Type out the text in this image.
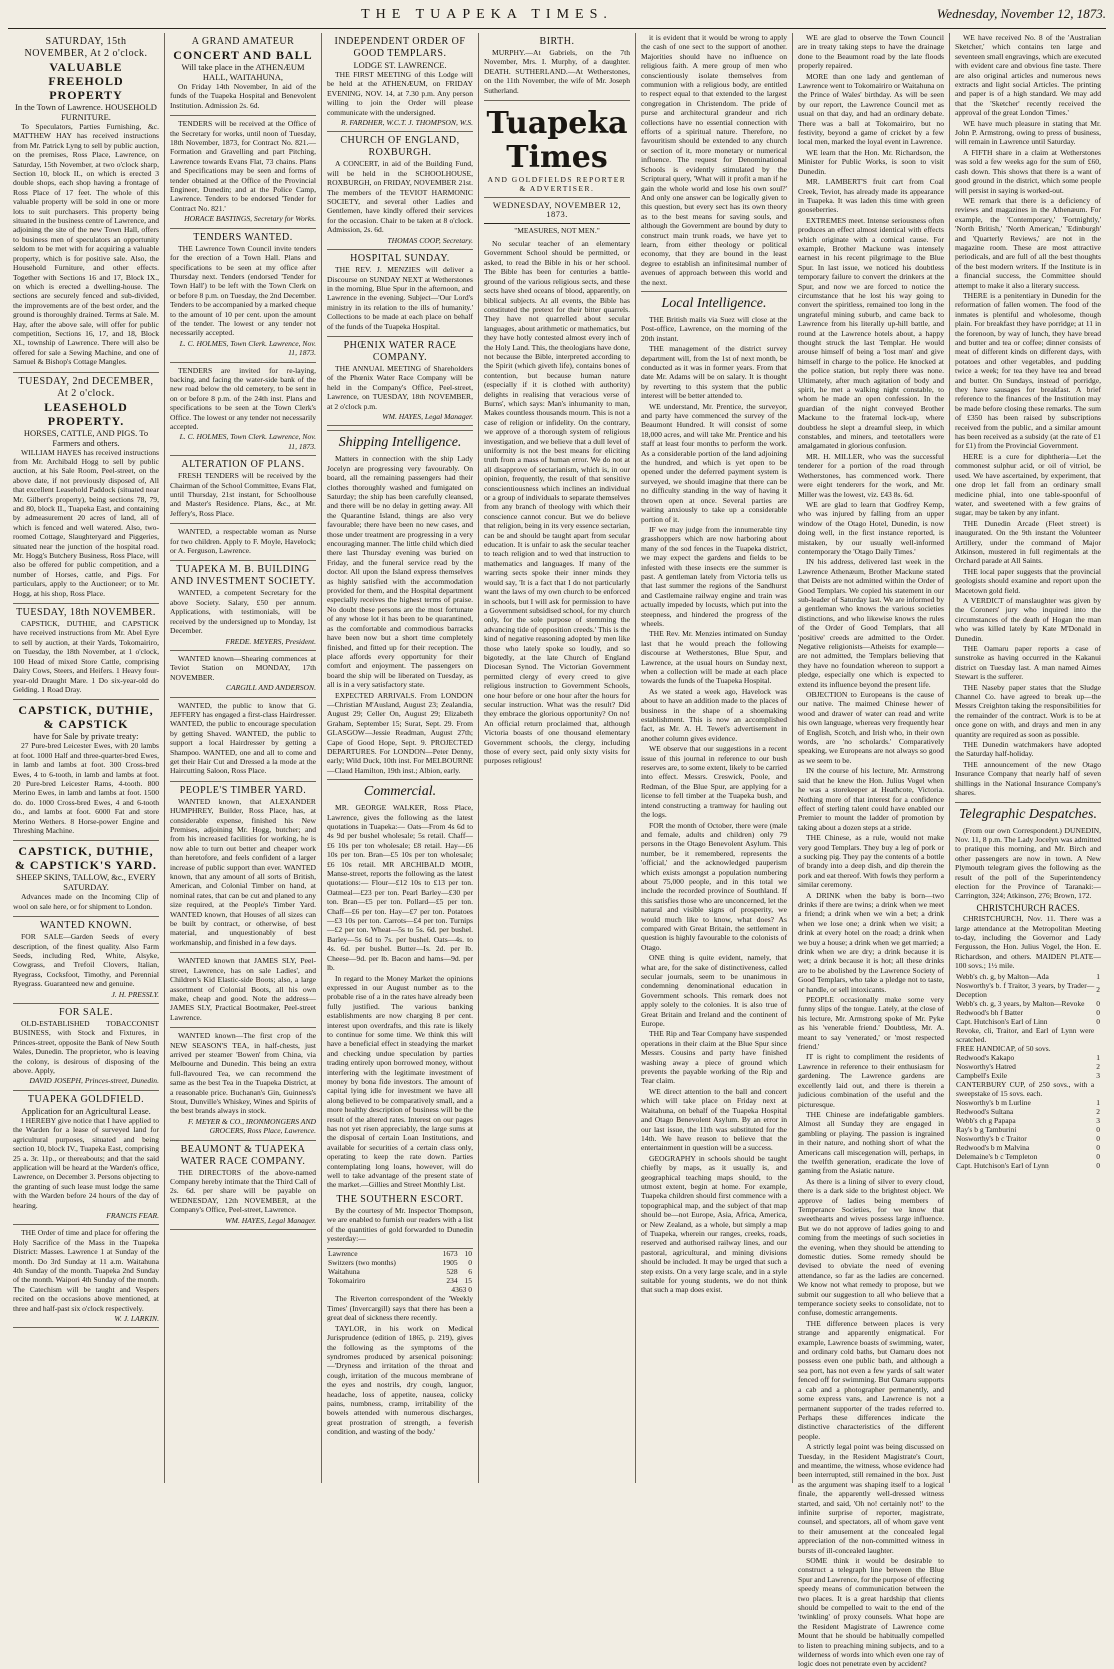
THE TUAPEKA TIMES.	Wednesday, November 12, 1873.
SATURDAY, 15th NOVEMBER, At 2 o'clock.
VALUABLE FREEHOLD PROPERTY
In the Town of Lawrence. HOUSEHOLD FURNITURE.

To Speculators, Parties Furnishing, &c. MATTHEW HAY has received instructions from Mr. Patrick Lyng to sell by public auction, on the premises, Ross Place, Lawrence, on Saturday, 15th November, at two o'clock sharp, Section 10, block II., on which is erected 3 double shops, each shop having a frontage of Ross Place of 17 feet. The whole of this valuable property will be sold in one or more lots to suit purchasers. This property being situated in the business centre of Lawrence, and adjoining the site of the new Town Hall, offers to business men of speculators an opportunity seldom to be met with for acquiring a valuable property, which is for positive sale. Also, the Household Furniture, and other effects. Together with Sections 16 and 17, Block IX., on which is erected a dwelling-house. The sections are securely fenced and sub-divided, the improvements are of the best order, and the ground is thoroughly drained. Terms at Sale. M. Hay, after the above sale, will offer for public competition, Sections 16, 17, and 18, Block XI., township of Lawrence. There will also be offered for sale a Sewing Machine, and one of Samuel & Bishop's Cottage Mangles.

TUESDAY, 2nd DECEMBER, At 2 o'clock.
LEASEHOLD PROPERTY.
HORSES, CATTLE, AND PIGS. To Farmers and others.

WILLIAM HAYES has received instructions from Mr. Archibald Hogg to sell by public auction, at his Sale Room, Peel-street, on the above date, if not previously disposed of, All that excellent Leasehold Paddock (situated near Mr. Gilbert's property), being sections 78, 79, and 80, block II., Tuapeka East, and containing by admeasurement 20 acres of land, all of which is fenced and well watered. Also, two-roomed Cottage, Slaughteryard and Piggeries, situated near the junction of the hospital road. Mr. Hogg's Butchery Business, Ross Place, will also be offered for public competition, and a number of Horses, cattle, and Pigs. For particulars, apply to the Auctioneer; or to Mr. Hogg, at his shop, Ross Place.

TUESDAY, 18th NOVEMBER.

CAPSTICK, DUTHIE, and CAPSTICK have received instructions from Mr. Abel Eyre to sell by auction, at their Yards, Tokomairiro, on Tuesday, the 18th November, at 1 o'clock, 100 Head of mixed Store Cattle, comprising Dairy Cows, Steers, and Heifers. 1 Heavy four-year-old Draught Mare. 1 Do six-year-old do Gelding. 1 Road Dray.

CAPSTICK, DUTHIE, & CAPSTICK
have for Sale by private treaty:

27 Pure-bred Leicester Ewes, with 20 lambs at foot. 1000 Half and three-quarter-bred Ewes, in lamb and lambs at foot. 300 Cross-bred Ewes, 4 to 6-tooth, in lamb and lambs at foot. 20 Pure-bred Leicester Rams, 4-tooth. 800 Merino Ewes, in lamb and lambs at foot. 1500 do. do. 1000 Cross-bred Ewes, 4 and 6-tooth do., and lambs at foot. 6000 Fat and store Merino Wethers. 8 Horse-power Engine and Threshing Machine.

CAPSTICK, DUTHIE, & CAPSTICK'S YARD.
SHEEP SKINS, TALLOW, &c., EVERY SATURDAY.

Advances made on the Incoming Clip of wool on sale here, or for shipment to London.

WANTED KNOWN.

FOR SALE—Garden Seeds of every description, of the finest quality. Also Farm Seeds, including Red, White, Alsyke, Cowgrass, and Trefoil Clovers, Italian, Ryegrass, Cocksfoot, Timothy, and Perennial Ryegrass. Guaranteed new and genuine.

J. H. PRESSLY.
FOR SALE.

OLD-ESTABLISHED TOBACCONIST BUSINESS, with Stock and Fixtures, in Princes-street, opposite the Bank of New South Wales, Dunedin. The proprietor, who is leaving the colony, is desirous of disposing of the above. Apply,

DAVID JOSEPH, Princes-street, Dunedin.
TUAPEKA GOLDFIELD.
Application for an Agricultural Lease.

I HEREBY give notice that I have applied to the Warden for a lease of surveyed land for agricultural purposes, situated and being section 10, block IV., Tuapeka East, comprising 25 a. 3r. 11p., or thereabouts; and that the said application will be heard at the Warden's office, Lawrence, on December 3. Persons objecting to the granting of such lease must lodge the same with the Warden before 24 hours of the day of hearing.

FRANCIS FEAR.

THE Order of time and place for offering the Holy Sacrifice of the Mass in the Tuapeka District: Masses. Lawrence 1 at Sunday of the month. Do 3rd Sunday at 11 a.m. Waitahuna 4th Sunday of the month. Tuapeka 2nd Sunday of the month. Waipori 4th Sunday of the month. The Catechism will be taught and Vespers recited on the occasions above mentioned, at three and half-past six o'clock respectively.

W. J. LARKIN.
A GRAND AMATEUR
CONCERT AND BALL
Will take place in the ATHENÆUM HALL, WAITAHUNA,

On Friday 14th November, In aid of the funds of the Tuapeka Hospital and Benevolent Institution. Admission 2s. 6d.

TENDERS will be received at the Office of the Secretary for works, until noon of Tuesday, 18th November, 1873, for Contract No. 821.—Formation and Gravelling and part Pitching, Lawrence towards Evans Flat, 73 chains. Plans and Specifications may be seen and forms of tender obtained at the Office of the Provincial Engineer, Dunedin; and at the Police Camp, Lawrence. Tenders to be endorsed 'Tender for Contract No. 821.'

HORACE BASTINGS, Secretary for Works.
TENDERS WANTED.

THE Lawrence Town Council invite tenders for the erection of a Town Hall. Plans and specifications to be seen at my office after Thursday next. Tenders (endorsed 'Tender for Town Hall') to be left with the Town Clerk on or before 8 p.m. on Tuesday, the 2nd December. Tenders to be accompanied by a marked cheque to the amount of 10 per cent. upon the amount of the tender. The lowest or any tender not necessarily accepted.

L. C. HOLMES, Town Clerk. Lawrence, Nov. 11, 1873.

TENDERS are invited for re-laying, backing, and facing the water-side bank of the new road below the old cemetery, to be sent in on or before 8 p.m. of the 24th inst. Plans and specifications to be seen at the Town Clerk's Office. The lowest or any tender not necessarily accepted.

L. C. HOLMES, Town Clerk. Lawrence, Nov. 11, 1873.
ALTERATION OF PLANS.

FRESH TENDERS will be received by the Chairman of the School Committee, Evans Flat, until Thursday, 21st instant, for Schoolhouse and Master's Residence. Plans, &c., at Mr. Jeffery's, Ross Place.

WANTED, a respectable woman as Nurse for two children. Apply to F. Moyle, Havelock; or A. Ferguson, Lawrence.

TUAPEKA M. B. BUILDING AND INVESTMENT SOCIETY.

WANTED, a competent Secretary for the above Society. Salary, £50 per annum. Applications, with testimonials, will be received by the undersigned up to Monday, 1st December.

FREDE. MEYERS, President.

WANTED known—Shearing commences at Teviot Station on MONDAY, 17th NOVEMBER.

CARGILL AND ANDERSON.

WANTED, the public to know that G. JEFFERY has engaged a first-class Hairdresser. WANTED, the public to encourage speculation by getting Shaved. WANTED, the public to support a local Hairdresser by getting a Shampoo. WANTED, one and all to come and get their Hair Cut and Dressed a la mode at the Haircutting Saloon, Ross Place.

PEOPLE'S TIMBER YARD.

WANTED known, that ALEXANDER HUMPHREY, Builder, Ross Place, has, at considerable expense, finished his New Premises, adjoining Mr. Hogg, butcher; and from his increased facilities for working, he is now able to turn out better and cheaper work than heretofore, and feels confident of a larger increase of public support than ever. WANTED known, that any amount of all sorts of British, American, and Colonial Timber on hand, at nominal rates, that can be cut and planed to any size required, at the People's Timber Yard. WANTED known, that Houses of all sizes can be built by contract, or otherwise, of best material, and unquestionably of best workmanship, and finished in a few days.

WANTED known that JAMES SLY, Peel-street, Lawrence, has on sale Ladies', and Children's Kid Elastic-side Boots; also, a large assortment of Colonial Boots, all his own make, cheap and good. Note the address—JAMES SLY, Practical Bootmaker, Peel-street Lawrence.

WANTED known—The first crop of the NEW SEASON'S TEA, in half-chests, just arrived per steamer 'Bowen' from China, via Melbourne and Dunedin. This being an extra full-flavoured Tea, we can recommend the same as the best Tea in the Tuapeka District, at a reasonable price. Buchanan's Gin, Guinness's Stout, Dunville's Whiskey, Wines and Spirits of the best brands always in stock.

F. MEYER & CO., IRONMONGERS AND GROCERS, Ross Place, Lawrence.
BEAUMONT & TUAPEKA WATER RACE COMPANY.

THE DIRECTORS of the above-named Company hereby intimate that the Third Call of 2s. 6d. per share will be payable on WEDNESDAY, 12th NOVEMBER, at the Company's Office, Peel-street, Lawrence.

WM. HAYES, Legal Manager.
INDEPENDENT ORDER OF GOOD TEMPLARS.
LODGE ST. LAWRENCE.

THE FIRST MEETING of this Lodge will be held at the ATHENÆUM, on FRIDAY EVENING, NOV. 14, at 7.30 p.m. Any person willing to join the Order will please communicate with the undersigned.

R. FARDHER, W.C.T. J. THOMPSON, W.S.
CHURCH OF ENGLAND, ROXBURGH.

A CONCERT, in aid of the Building Fund, will be held in the SCHOOLHOUSE, ROXBURGH, on FRIDAY, NOVEMBER 21st. The members of the TEVIOT HARMONIC SOCIETY, and several other Ladies and Gentlemen, have kindly offered their services for the occasion. Chair to be taken at 8 o'clock. Admission, 2s. 6d.

THOMAS COOP, Secretary.
HOSPITAL SUNDAY.

THE REV. J. MENZIES will deliver a Discourse on SUNDAY NEXT at Wetherstones in the morning, Blue Spur in the afternoon, and Lawrence in the evening. Subject—'Our Lord's ministry in its relation to the ills of humanity.' Collections to be made at each place on behalf of the funds of the Tuapeka Hospital.

PHŒNIX WATER RACE COMPANY.

THE ANNUAL MEETING of Shareholders of the Phœnix Water Race Company will be held in the Company's Office, Peel-street, Lawrence, on TUESDAY, 18th NOVEMBER, at 2 o'clock p.m.

WM. HAYES, Legal Manager.
Shipping Intelligence.

Matters in connection with the ship Lady Jocelyn are progressing very favourably. On board, all the remaining passengers had their clothes thoroughly washed and fumigated on Saturday; the ship has been carefully cleansed, and there will be no delay in getting away. All the Quarantine Island, things are also very favourable; there have been no new cases, and those under treatment are progressing in a very encouraging manner. The little child which died there last Thursday evening was buried on Friday, and the funeral service read by the doctor. All upon the Island express themselves as highly satisfied with the accommodation provided for them, and the Hospital department especially receives the highest terms of praise. No doubt these persons are the most fortunate of any whose lot it has been to be quarantined, as the comfortable and commodious barracks have been now but a short time completely finished, and fitted up for their reception. The place affords every opportunity for their comfort and enjoyment. The passengers on board the ship will be liberated on Tuesday, as all is in a very satisfactory state.

EXPECTED ARRIVALS. From LONDON—Christian M'Ausland, August 23; Zealandia, August 29; Celler On, August 29; Elizabeth Graham, September 15; Surat, Sept. 29. From GLASGOW—Jessie Readman, August 27th; Cape of Good Hope, Sept. 9. PROJECTED DEPARTURES. For LONDON—Peter Denny, early; Wild Duck, 10th inst. For MELBOURNE—Claud Hamilton, 19th inst.; Albion, early.

Commercial.

MR. GEORGE WALKER, Ross Place, Lawrence, gives the following as the latest quotations in Tuapeka:— Oats—From 4s 6d to 4s 9d per bushel wholesale; 5s retail. Chaff—£6 10s per ton wholesale; £8 retail. Hay—£6 10s per ton. Bran—£5 10s per ton wholesale; £6 10s retail. MR ARCHIBALD MOIR, Manse-street, reports the following as the latest quotations:— Flour—£12 10s to £13 per ton. Oatmeal—£23 per ton. Pearl Barley—£30 per ton. Bran—£5 per ton. Pollard—£5 per ton. Chaff—£6 per ton. Hay—£7 per ton. Potatoes—£3 10s per ton. Carrots—£4 per ton. Turnips—£2 per ton. Wheat—5s to 5s. 6d. per bushel. Barley—5s 6d to 7s. per bushel. Oats—4s. to 4s. 6d. per bushel. Butter—Is. 2d. per lb. Cheese—9d. per lb. Bacon and hams—9d. per lb.

In regard to the Money Market the opinions expressed in our August number as to the probable rise of a in the rates have already been fully justified. The various banking establishments are now charging 8 per cent. interest upon overdrafts, and this rate is likely to continue for some time. We think this will have a beneficial effect in steadying the market and checking undue speculation by parties trading entirely upon borrowed money, without interfering with the legitimate investment of money by bona fide investors. The amount of capital lying idle for investment we have all along believed to be comparatively small, and a more healthy description of business will be the result of the altered rates. Interest on our pages has not yet risen appreciably, the large sums at the disposal of certain Loan Institutions, and available for securities of a certain class only, operating to keep the rate down. Parties contemplating long loans, however, will do well to take advantage of the present state of the market.—Gillies and Street Monthly List.

THE SOUTHERN ESCORT.

By the courtesy of Mr. Inspector Thompson, we are enabled to furnish our readers with a list of the quantities of gold forwarded to Dunedin yesterday:—

Lawrence	1673	10
Switzers (two months)	1905	0
Waitahuna	528	6
Tokomairiro	234	15
	4363 0	

The Riverton correspondent of the 'Weekly Times' (Invercargill) says that there has been a great deal of sickness there recently.

TAYLOR, in his work on Medical Jurisprudence (edition of 1865, p. 219), gives the following as the symptoms of the syndromes produced by arsenical poisoning:—'Dryness and irritation of the throat and cough, irritation of the mucous membrane of the eyes and nostrils, dry cough, languor, headache, loss of appetite, nausea, colicky pains, numbness, cramp, irritability of the bowels attended with numerous discharges, great prostration of strength, a feverish condition, and wasting of the body.'

BIRTH.

MURPHY.—At Gabriels, on the 7th November, Mrs. I. Murphy, of a daughter. DEATH. SUTHERLAND.—At Wetherstones, on the 11th November, the wife of Mr. Joseph Sutherland.

Tuapeka Times
AND GOLDFIELDS REPORTER & ADVERTISER.
WEDNESDAY, NOVEMBER 12, 1873.
"MEASURES, NOT MEN."

No secular teacher of an elementary Government School should be permitted, or asked, to read the Bible in his or her school. The Bible has been for centuries a battle-ground of the various religious sects, and these sects have shed oceans of blood, apparently, on biblical subjects. At all events, the Bible has constituted the pretext for their bitter quarrels. They have not quarrelled about secular languages, about arithmetic or mathematics, but they have hotly contested almost every inch of the Holy Land. This, the theologians have done, not because the Bible, interpreted according to the Spirit (which giveth life), contains bones of contention, but because human nature (especially if it is clothed with authority) delights in realising that veracious verse of Burns', which says: Man's inhumanity to man, Makes countless thousands mourn. This is not a case of religion or infidelity. On the contrary, we approve of a thorough system of religious investigation, and we believe that a dull level of uniformity is not the best means for eliciting truth from a mass of human error. We do not at all disapprove of sectarianism, which is, in our opinion, frequently, the result of that sensitive conscientiousness which inclines an individual or a group of individuals to separate themselves from any branch of theology with which their conscience cannot concur. But we do believe that religion, being in its very essence sectarian, can be and should be taught apart from secular education. It is unfair to ask the secular teacher to teach religion and to wed that instruction to mathematics and languages. If many of the warring sects spoke their inner minds they would say, 'It is a fact that I do not particularly want the laws of my own church to be enforced in schools, but I will ask for permission to have a Government subsidised school, for my church only, for the sole purpose of stemming the advancing tide of opposition creeds.' This is the kind of negative reasoning adopted by men like those who lately spoke so loudly, and so bigotedly, at the late Church of England Diocesan Synod. The Victorian Government permitted clergy of every creed to give religious instruction to Government Schools, one hour before or one hour after the hours for secular instruction. What was the result? Did they embrace the glorious opportunity? On no! An official return proclaimed that, although Victoria boasts of one thousand elementary Government schools, the clergy, including those of every sect, paid only sixty visits for purposes religious!

it is evident that it would be wrong to apply the cash of one sect to the support of another. Majorities should have no influence on religious faith. A mere group of men who conscientiously isolate themselves from communion with a religious body, are entitled to respect equal to that extended to the largest congregation in Christendom. The pride of purse and architectural grandeur and rich collections have no essential connection with efforts of a spiritual nature. Therefore, no favouritism should be extended to any church or section of it, more monetary or numerical influence. The request for Denominational Schools is evidently stimulated by the Scriptural query, 'What will it profit a man if he gain the whole world and lose his own soul?' And only one answer can be logically given to this question, but every sect has its own theory as to the best means for saving souls, and although the Government are bound by duty to construct main trunk roads, we have yet to learn, from either theology or political economy, that they are bound in the least degree to establish an infinitesimal number of avenues of approach between this world and the next.

Local Intelligence.

THE British mails via Suez will close at the Post-office, Lawrence, on the morning of the 20th instant.

THE management of the district survey department will, from the 1st of next month, be conducted as it was in former years. From that date Mr. Adams will be on salary. It is thought by reverting to this system that the public interest will be better attended to.

WE understand, Mr. Prentice, the surveyor, and party have commenced the survey of the Beaumont Hundred. It will consist of some 18,000 acres, and will take Mr. Prentice and his staff at least four months to perform the work. As a considerable portion of the land adjoining the hundred, and which is yet open to be opened under the deferred payment system is surveyed, we should imagine that there can be no difficulty standing in the way of having it thrown open at once. Several parties are waiting anxiously to take up a considerable portion of it.

IF we may judge from the innumerable tiny grasshoppers which are now harboring about many of the sod fences in the Tuapeka district, we may expect the gardens and fields to be infested with these insects ere the summer is past. A gentleman lately from Victoria tells us that last summer the regions of the Sandhurst and Castlemaine railway engine and train was actually impeded by locusts, which put into the steepness, and hindered the progress of the wheels.

THE Rev. Mr. Menzies intimated on Sunday last that he would preach the following discourse at Wetherstones, Blue Spur, and Lawrence, at the usual hours on Sunday next, when a collection will be made at each place towards the funds of the Tuapeka Hospital.

As we stated a week ago, Havelock was about to have an addition made to the places of business in the shape of a shoemaking establishment. This is now an accomplished fact, as Mr. A. H. Tewet's advertisement in another column gives evidence.

WE observe that our suggestions in a recent issue of this journal in reference to our bush reserves are, to some extent, likely to be carried into effect. Messrs. Creswick, Poole, and Redman, of the Blue Spur, are applying for a license to fell timber at the Tuapeka bush, and intend constructing a tramway for hauling out the logs.

FOR the month of October, there were (male and female, adults and children) only 79 persons in the Otago Benevolent Asylum. This number, be it remembered, represents the 'official,' and the acknowledged pauperism which exists amongst a population numbering about 75,000 people, and in this total we include the recorded province of Southland. If this satisfies those who are unconcerned, let the natural and visible signs of prosperity, we would much like to know, what does? As compared with Great Britain, the settlement in question is highly favourable to the colonists of Otago.

ONE thing is quite evident, namely, that what are, for the sake of distinctiveness, called secular journals, seem to be unanimous in condemning denominational education in Government schools. This remark does not apply solely to the colonies. It is also true of Great Britain and Ireland and the continent of Europe.

THE Rip and Tear Company have suspended operations in their claim at the Blue Spur since Messrs. Cousins and party have finished washing away a piece of ground which prevents the payable working of the Rip and Tear claim.

WE direct attention to the ball and concert which will take place on Friday next at Waitahuna, on behalf of the Tuapeka Hospital and Otago Benevolent Asylum. By an error in our last issue, the 11th was substituted for the 14th. We have reason to believe that the entertainment in question will be a success.

GEOGRAPHY in schools should be taught chiefly by maps, as it usually is, and geographical teaching maps should, to the utmost extent, begin at home. For example, Tuapeka children should first commence with a topographical map, and the subject of that map should be—not Europe, Asia, Africa, America, or New Zealand, as a whole, but simply a map of Tuapeka, wherein our ranges, creeks, roads, reserved and authorised railway lines, and our pastoral, agricultural, and mining divisions should be included. It may be urged that such a step exists. On a very large scale, and in a style suitable for young students, we do not think that such a map does exist.

WE are glad to observe the Town Council are in treaty taking steps to have the drainage done to the Beaumont road by the late floods properly repaired.

MORE than one lady and gentleman of Lawrence went to Tokomairiro or Waitahuna on the Prince of Wales' birthday. As will be seen by our report, the Lawrence Council met as usual on that day, and had an ordinary debate. There was a ball at Tokomairiro, but no festivity, beyond a game of cricket by a few local men, marked the loyal event in Lawrence.

WE learn that the Hon. Mr. Richardson, the Minister for Public Works, is soon to visit Dunedin.

MR. LAMBERT'S fruit cart from Coal Creek, Teviot, has already made its appearance in Tuapeka. It was laden this time with green gooseberries.

EXTREMES meet. Intense seriousness often produces an effect almost identical with effects which originate with a comical cause. For example, Brother Mackune was intensely earnest in his recent pilgrimage to the Blue Spur. In last issue, we noticed his doubtless temporary failure to convert the drinkers at the Spur, and now we are forced to notice the circumstance that he lost his way going to convert the spiritless, remained too long in the ungrateful mining suburb, and came back to Lawrence from his literally up-hill battle, and round at the Lawrence hotels about, a happy thought struck the last Templar. He would arouse himself of being a 'lost man' and give himself in charge to the police. He knocked at the police station, but reply there was none. Ultimately, after much agitation of body and spirit, he met a walking night constable, to whom he made an open confession. In the guardian of the night conveyed Brother Mackune to the fraternal lock-up, where doubtless he slept a dreamful sleep, in which constables, and miners, and teetotallers were amalgamated in glorious confusion.

MR. H. MILLER, who was the successful tenderer for a portion of the road through Wetherstones, has commenced work. There were eight tenderers for the work, and Mr. Miller was the lowest, viz. £43 8s. 6d.

WE are glad to learn that Godfrey Kemp, who was injured by falling from an upper window of the Otago Hotel, Dunedin, is now doing well, in the first instance reported, is mistaken, by our usually well-informed contemporary the 'Otago Daily Times.'

IN his address, delivered last week in the Lawrence Athenæum, Brother Mackune stated that Deists are not admitted within the Order of Good Templars. We copied his statement in our sub-leader of Saturday last. We are informed by a gentleman who knows the various societies distinctions, and who likewise knows the rules of the Order of Good Templars, that all 'positive' creeds are admitted to the Order. Negative religionists—Atheists for example—are not admitted, the Templars believing that they have no foundation whereon to support a pledge, especially one which is expected to extend its influence beyond the present life.

OBJECTION to Europeans is the cause of our native. The maimed Chinese hewer of wood and drawer of water can read and write his own language, whereas very frequently hear of English, Scotch, and Irish who, in their own words, are 'no scholards.' Comparatively speaking, we Europeans are not always so good as we seem to be.

IN the course of his lecture, Mr. Armstrong said that he knew the Hon. Julius Vogel when he was a storekeeper at Heathcote, Victoria. Nothing more of that interest for a confidence effect of sterling talent could have enabled our Premier to mount the ladder of promotion by taking about a dozen steps at a stride.

THE Chinese, as a rule, would not make very good Templars. They buy a leg of pork or a sucking pig. They pay the contents of a bottle of brandy into a deep dish, and dip therein the pork and eat thereof. With fowls they perform a similar ceremony.

A DRINK when the baby is born—two drinks if there are twins; a drink when we meet a friend; a drink when we win a bet; a drink when we lose one; a drink when we visit; a drink at every hotel on the road; a drink when we buy a house; a drink when we get married; a drink when we are dry; a drink because it is wet; a drink because it is hot; all these drinks are to be abolished by the Lawrence Society of Good Templars, who take a pledge not to taste, or handle, or sell intoxicants.

PEOPLE occasionally make some very funny slips of the tongue. Lately, at the close of his lecture, Mr. Armstrong spoke of Mr. Pyke as his 'venerable friend.' Doubtless, Mr. A. meant to say 'venerated,' or 'most respected friend.'

IT is right to compliment the residents of Lawrence in reference to their enthusiasm for gardening. The Lawrence gardens are excellently laid out, and there is therein a judicious combination of the useful and the picturesque.

THE Chinese are indefatigable gamblers. Almost all Sunday they are engaged in gambling or playing. The passion is ingrained in their nature, and nothing short of what the Americans call miscegenation will, perhaps, in the twelfth generation, eradicate the love of gaming from the Asiatic nature.

As there is a lining of silver to every cloud, there is a dark side to the brightest object. We approve of ladies being members of Temperance Societies, for we know that sweethearts and wives possess large influence. But we do not approve of ladies going to and coming from the meetings of such societies in the evening, when they should be attending to domestic duties. Some remedy should be devised to obviate the need of evening attendance, so far as the ladies are concerned. We know not what remedy to propose, but we submit our suggestion to all who believe that a temperance society seeks to consolidate, not to confuse, domestic arrangements.

THE difference between places is very strange and apparently enigmatical. For example, Lawrence boasts of swimming, water, and ordinary cold baths, but Oamaru does not possess even one public bath, and although a sea port, has not even a few yards of salt water fenced off for swimming. But Oamaru supports a cab and a photographer permanently, and some express vans, and Lawrence is not a permanent supporter of the trades referred to. Perhaps these differences indicate the distinctive characteristics of the different people.

A strictly legal point was being discussed on Tuesday, in the Resident Magistrate's Court, and meantime, the witness, whose evidence had been interrupted, still remained in the box. Just as the argument was shaping itself to a logical finale, the apparently well-dressed witness started, and said, 'Oh no! certainly not!' to the infinite surprise of reporter, magistrate, counsel, and spectators, all of whom gave vent to their amusement at the concealed legal appreciation of the non-committed witness in bursts of ill-concealed laughter.

SOME think it would be desirable to construct a telegraph line between the Blue Spur and Lawrence, for the purpose of effecting speedy means of communication between the two places. It is a great hardship that clients should be compelled to wait to the end of the 'twinkling' of proxy counsels. What hope are the Resident Magistrate of Lawrence come Mount that he should be habitually compelled to listen to preaching mining subjects, and to a wilderness of words into which even one ray of logic does not penetrate even by accident?

WE have received No. 8 of the 'Australian Sketcher,' which contains ten large and seventeen small engravings, which are executed with evident care and obvious fine taste. There are also original articles and numerous news extracts and light social Articles. The printing and paper is of a high standard. We may add that the 'Sketcher' recently received the approval of the great London 'Times.'

WE have much pleasure in stating that Mr. John P. Armstrong, owing to press of business, will remain in Lawrence until Saturday.

A FIFTH share in a claim at Wetherstones was sold a few weeks ago for the sum of £60, cash down. This shows that there is a want of good ground in the district, which some people will persist in saying is worked-out.

WE remark that there is a deficiency of reviews and magazines in the Athenæum. For example, the 'Contemporary,' 'Fortnightly,' 'North British,' 'North American,' 'Edinburgh' and 'Quarterly Reviews,' are not in the magazine room. These are most attractive periodicals, and are full of all the best thoughts of the best modern writers. If the Institute is in a financial success, the Committee should attempt to make it also a literary success.

THERE is a penitentiary in Dunedin for the reformation of fallen women. The food of the inmates is plentiful and wholesome, though plain. For breakfast they have porridge; at 11 in the forenoon, by way of lunch, they have bread and butter and tea or coffee; dinner consists of meat of different kinds on different days, with potatoes and other vegetables, and pudding twice a week; for tea they have tea and bread and butter. On Sundays, instead of porridge, they have sausages for breakfast. A brief reference to the finances of the Institution may be made before closing these remarks. The sum of £350 has been raised by subscriptions received from the public, and a similar amount has been received as a subsidy (at the rate of £1 for £1) from the Provincial Government.

HERE is a cure for diphtheria—Let the commonest sulphur acid, or oil of vitriol, be used. We have ascertained, by experiment, that one drop let fall from an ordinary small medicine phial, into one table-spoonful of water, and sweetened with a few grains of sugar, may be taken by any infant.

THE Dunedin Arcade (Fleet street) is inaugurated. On the 9th instant the Volunteer Artillery, under the command of Major Atkinson, mustered in full regimentals at the Orchard parade at All Saints.

THE local paper suggests that the provincial geologists should examine and report upon the Macetown gold field.

A VERDICT of manslaughter was given by the Coroners' jury who inquired into the circumstances of the death of Hogan the man who was killed lately by Kate M'Donald in Dunedin.

THE Oamaru paper reports a case of sunstroke as having occurred in the Kakanui district on Tuesday last. A man named Aimes Stewart is the sufferer.

THE Naseby paper states that the Sludge Channel Co. have agreed to break up—the Messrs Creighton taking the responsibilities for the remainder of the contract. Work is to be at once gone on with, and drays and men in any quantity are required as soon as possible.

THE Dunedin watchmakers have adopted the Saturday half-holiday.

THE announcement of the new Otago Insurance Company that nearly half of seven shillings in the National Insurance Company's shares.

Telegraphic Despatches.

(From our own Correspondent.) DUNEDIN, Nov. 11, 8 p.m. The Lady Jocelyn was admitted to pratique this morning, and Mr. Birch and other passengers are now in town. A New Plymouth telegram gives the following as the result of the poll of the Superintendency election for the Province of Taranaki:—Carrington, 324; Atkinson, 276; Brown, 172.

CHRISTCHURCH RACES.

CHRISTCHURCH, Nov. 11. There was a large attendance at the Metropolitan Meeting to-day, including the Governor and Lady Fergusson, the Hon. Julius Vogel, the Hon. E. Richardson, and others. MAIDEN PLATE—100 sovs.; 1½ mile.

Webb's ch. g, by Malton—Ada	1
Nosworthy's b. f Traitor, 3 years, by Trader—Deception	2
Webb's ch. g, 3 years, by Malton—Revoke	0
Redwood's bh f Batter	0
Capt. Hutchison's Earl of Linn	0
Revoke, cli, Traitor, and Earl of Lynn were scratched.	
FREE HANDICAP, of 50 sovs.	
Redwood's Kakapo	1
Nosworthy's Hatred	2
Campbell's Exile	3
CANTERBURY CUP, of 250 sovs., with a sweepstake of 15 sovs. each.	
Nosworthy's b m Lurline	1
Redwood's Sultana	2
Webb's ch g Papapa	3
Ray's b g Tamburini	0
Nosworthy's b c Traitor	0
Redwood's b m Malvina	0
Delemaine's b c Templeton	0
Capt. Hutchison's Earl of Lynn	0
